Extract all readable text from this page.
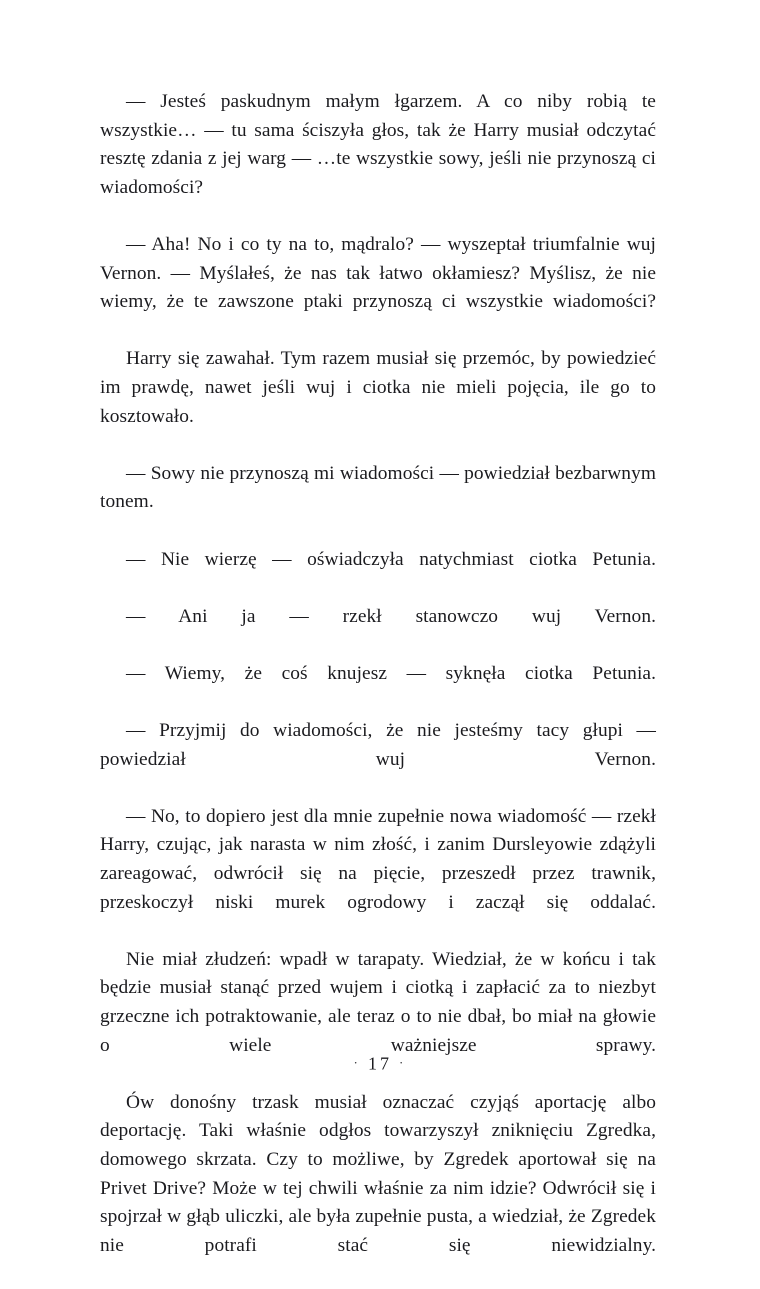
— Jesteś paskudnym małym łgarzem. A co niby robią te wszystkie… — tu sama ściszyła głos, tak że Harry musiał odczytać resztę zdania z jej warg — …te wszystkie sowy, jeśli nie przynoszą ci wiadomości?

— Aha! No i co ty na to, mądralo? — wyszeptał triumfalnie wuj Vernon. — Myślałeś, że nas tak łatwo okłamiesz? Myślisz, że nie wiemy, że te zawszone ptaki przynoszą ci wszystkie wiadomości?

Harry się zawahał. Tym razem musiał się przemóc, by powiedzieć im prawdę, nawet jeśli wuj i ciotka nie mieli pojęcia, ile go to kosztowało.

— Sowy nie przynoszą mi wiadomości — powiedział bezbarwnym tonem.

— Nie wierzę — oświadczyła natychmiast ciotka Petunia.

— Ani ja — rzekł stanowczo wuj Vernon.

— Wiemy, że coś knujesz — syknęła ciotka Petunia.

— Przyjmij do wiadomości, że nie jesteśmy tacy głupi — powiedział wuj Vernon.

— No, to dopiero jest dla mnie zupełnie nowa wiadomość — rzekł Harry, czując, jak narasta w nim złość, i zanim Dursleyowie zdążyli zareagować, odwrócił się na pięcie, przeszedł przez trawnik, przeskoczył niski murek ogrodowy i zaczął się oddalać.

Nie miał złudzeń: wpadł w tarapaty. Wiedział, że w końcu i tak będzie musiał stanąć przed wujem i ciotką i zapłacić za to niezbyt grzeczne ich potraktowanie, ale teraz o to nie dbał, bo miał na głowie o wiele ważniejsze sprawy.

Ów donośny trzask musiał oznaczać czyjąś aportację albo deportację. Taki właśnie odgłos towarzyszył zniknięciu Zgredka, domowego skrzata. Czy to możliwe, by Zgredek aportował się na Privet Drive? Może w tej chwili właśnie za nim idzie? Odwrócił się i spojrzał w głąb uliczki, ale była zupełnie pusta, a wiedział, że Zgredek nie potrafi stać się niewidzialny.

· 17 ·
